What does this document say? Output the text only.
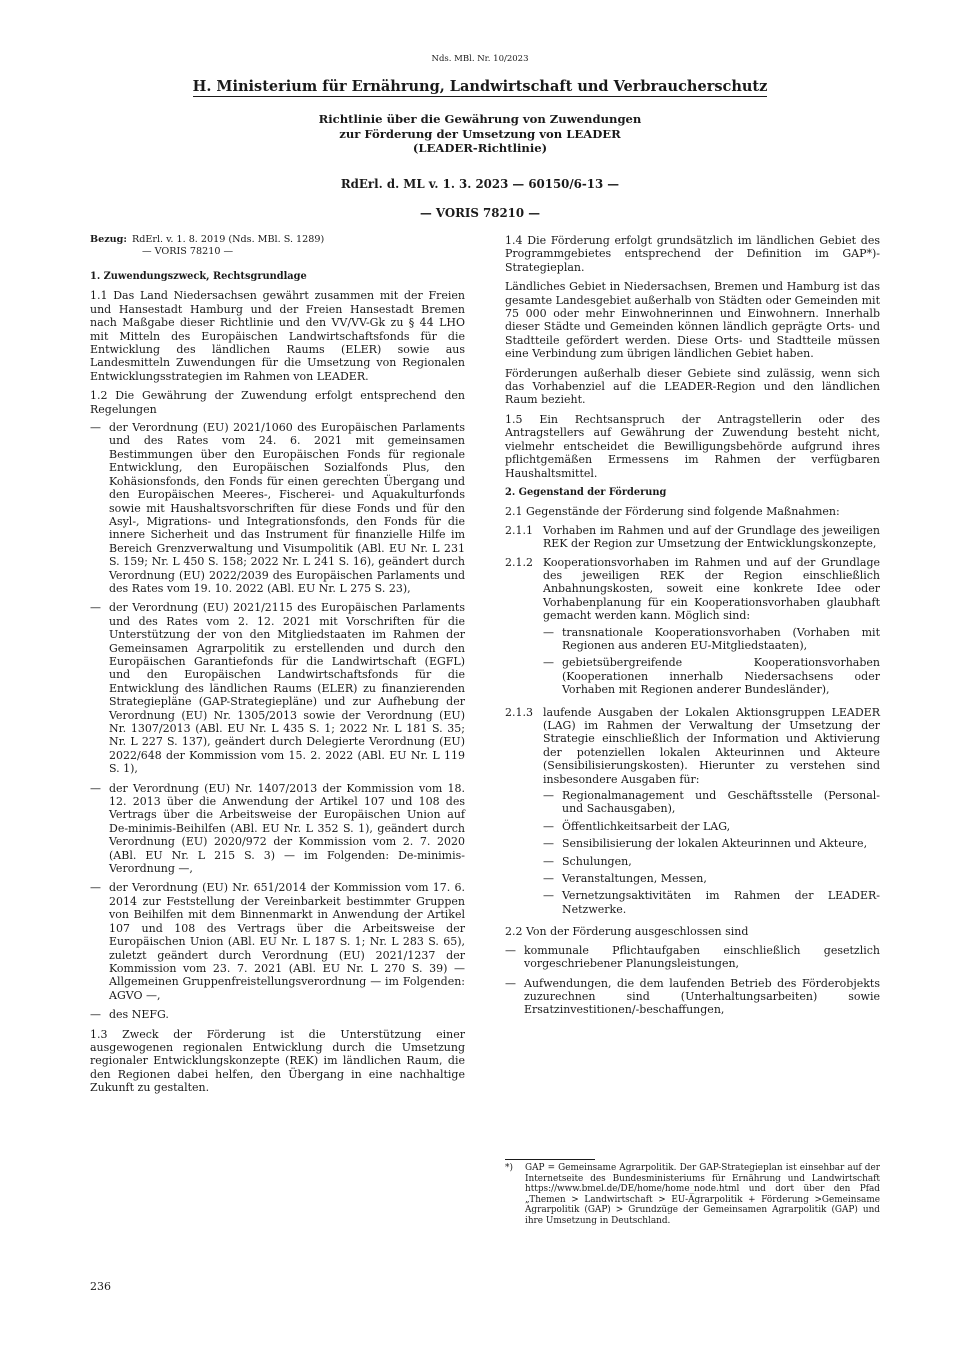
Nds. MBl. Nr. 10/2023
H. Ministerium für Ernährung, Landwirtschaft und Verbraucherschutz
Richtlinie über die Gewährung von Zuwendungen
zur Förderung der Umsetzung von LEADER
(LEADER-Richtlinie)
RdErl. d. ML v. 1. 3. 2023 — 60150/6-13 —
— VORIS 78210 —
Bezug: RdErl. v. 1. 8. 2019 (Nds. MBl. S. 1289)
— VORIS 78210 —
1. Zuwendungszweck, Rechtsgrundlage

1.1 Das Land Niedersachsen gewährt zusammen mit der Freien und Hansestadt Hamburg und der Freien Hansestadt Bremen nach Maßgabe dieser Richtlinie und den VV/VV-Gk zu § 44 LHO mit Mitteln des Europäischen Landwirtschaftsfonds für die Entwicklung des ländlichen Raums (ELER) sowie aus Landesmitteln Zuwendungen für die Umsetzung von Regionalen Entwicklungsstrategien im Rahmen von LEADER.

1.2 Die Gewährung der Zuwendung erfolgt entsprechend den Regelungen

— der Verordnung (EU) 2021/1060 des Europäischen Parlaments und des Rates vom 24. 6. 2021 mit gemeinsamen Bestimmungen über den Europäischen Fonds für regionale Entwicklung, den Europäischen Sozialfonds Plus, den Kohäsionsfonds, den Fonds für einen gerechten Übergang und den Europäischen Meeres-, Fischerei- und Aquakulturfonds sowie mit Haushaltsvorschriften für diese Fonds und für den Asyl-, Migrations- und Integrationsfonds, den Fonds für die innere Sicherheit und das Instrument für finanzielle Hilfe im Bereich Grenzverwaltung und Visumpolitik (ABl. EU Nr. L 231 S. 159; Nr. L 450 S. 158; 2022 Nr. L 241 S. 16), geändert durch Verordnung (EU) 2022/2039 des Europäischen Parlaments und des Rates vom 19. 10. 2022 (ABl. EU Nr. L 275 S. 23),
— der Verordnung (EU) 2021/2115 des Europäischen Parlaments und des Rates vom 2. 12. 2021 mit Vorschriften für die Unterstützung der von den Mitgliedstaaten im Rahmen der Gemeinsamen Agrarpolitik zu erstellenden und durch den Europäischen Garantiefonds für die Landwirtschaft (EGFL) und den Europäischen Landwirtschaftsfonds für die Entwicklung des ländlichen Raums (ELER) zu finanzierenden Strategiepläne (GAP-Strategiepläne) und zur Aufhebung der Verordnung (EU) Nr. 1305/2013 sowie der Verordnung (EU) Nr. 1307/2013 (ABl. EU Nr. L 435 S. 1; 2022 Nr. L 181 S. 35; Nr. L 227 S. 137), geändert durch Delegierte Verordnung (EU) 2022/648 der Kommission vom 15. 2. 2022 (ABl. EU Nr. L 119 S. 1),
— der Verordnung (EU) Nr. 1407/2013 der Kommission vom 18. 12. 2013 über die Anwendung der Artikel 107 und 108 des Vertrags über die Arbeitsweise der Europäischen Union auf De-minimis-Beihilfen (ABl. EU Nr. L 352 S. 1), geändert durch Verordnung (EU) 2020/972 der Kommission vom 2. 7. 2020 (ABl. EU Nr. L 215 S. 3) — im Folgenden: De-minimis-Verordnung —,
— der Verordnung (EU) Nr. 651/2014 der Kommission vom 17. 6. 2014 zur Feststellung der Vereinbarkeit bestimmter Gruppen von Beihilfen mit dem Binnenmarkt in Anwendung der Artikel 107 und 108 des Vertrags über die Arbeitsweise der Europäischen Union (ABl. EU Nr. L 187 S. 1; Nr. L 283 S. 65), zuletzt geändert durch Verordnung (EU) 2021/1237 der Kommission vom 23. 7. 2021 (ABl. EU Nr. L 270 S. 39) — Allgemeinen Gruppenfreistellungsverordnung — im Folgenden: AGVO —,
— des NEFG.

1.3 Zweck der Förderung ist die Unterstützung einer ausgewogenen regionalen Entwicklung durch die Umsetzung regionaler Entwicklungskonzepte (REK) im ländlichen Raum, die den Regionen dabei helfen, den Übergang in eine nachhaltige Zukunft zu gestalten.

1.4 Die Förderung erfolgt grundsätzlich im ländlichen Gebiet des Programmgebietes entsprechend der Definition im GAP*)-Strategieplan.

Ländliches Gebiet in Niedersachsen, Bremen und Hamburg ist das gesamte Landesgebiet außerhalb von Städten oder Gemeinden mit 75 000 oder mehr Einwohnerinnen und Einwohnern. Innerhalb dieser Städte und Gemeinden können ländlich geprägte Orts- und Stadtteile gefördert werden. Diese Orts- und Stadtteile müssen eine Verbindung zum übrigen ländlichen Gebiet haben.

Förderungen außerhalb dieser Gebiete sind zulässig, wenn sich das Vorhabenziel auf die LEADER-Region und den ländlichen Raum bezieht.

1.5 Ein Rechtsanspruch der Antragstellerin oder des Antragstellers auf Gewährung der Zuwendung besteht nicht, vielmehr entscheidet die Bewilligungsbehörde aufgrund ihres pflichtgemäßen Ermessens im Rahmen der verfügbaren Haushaltsmittel.

2. Gegenstand der Förderung

2.1 Gegenstände der Förderung sind folgende Maßnahmen:

2.1.1 Vorhaben im Rahmen und auf der Grundlage des jeweiligen REK der Region zur Umsetzung der Entwicklungskonzepte,
2.1.2 Kooperationsvorhaben im Rahmen und auf der Grundlage des jeweiligen REK der Region einschließlich Anbahnungskosten, soweit eine konkrete Idee oder Vorhabenplanung für ein Kooperationsvorhaben glaubhaft gemacht werden kann. Möglich sind:
— transnationale Kooperationsvorhaben (Vorhaben mit Regionen aus anderen EU-Mitgliedstaaten),
— gebietsübergreifende Kooperationsvorhaben (Kooperationen innerhalb Niedersachsens oder Vorhaben mit Regionen anderer Bundesländer),
2.1.3 laufende Ausgaben der Lokalen Aktionsgruppen LEADER (LAG) im Rahmen der Verwaltung der Umsetzung der Strategie einschließlich der Information und Aktivierung der potenziellen lokalen Akteurinnen und Akteure (Sensibilisierungskosten). Hierunter zu verstehen sind insbesondere Ausgaben für:
— Regionalmanagement und Geschäftsstelle (Personal- und Sachausgaben),
— Öffentlichkeitsarbeit der LAG,
— Sensibilisierung der lokalen Akteurinnen und Akteure,
— Schulungen,
— Veranstaltungen, Messen,
— Vernetzungsaktivitäten im Rahmen der LEADER-Netzwerke.

2.2 Von der Förderung ausgeschlossen sind

— kommunale Pflichtaufgaben einschließlich gesetzlich vorgeschriebener Planungsleistungen,
— Aufwendungen, die dem laufenden Betrieb des Förderobjekts zuzurechnen sind (Unterhaltungsarbeiten) sowie Ersatzinvestitionen/-beschaffungen,
*)	GAP = Gemeinsame Agrarpolitik. Der GAP-Strategieplan ist einsehbar auf der Internetseite des Bundesministeriums für Ernährung und Landwirtschaft https://www.bmel.de/DE/home/home_node.html und dort über den Pfad „Themen > Landwirtschaft > EU-Agrarpolitik + Förderung >Gemeinsame Agrarpolitik (GAP) > Grundzüge der Gemeinsamen Agrarpolitik (GAP) und ihre Umsetzung in Deutschland.
236
